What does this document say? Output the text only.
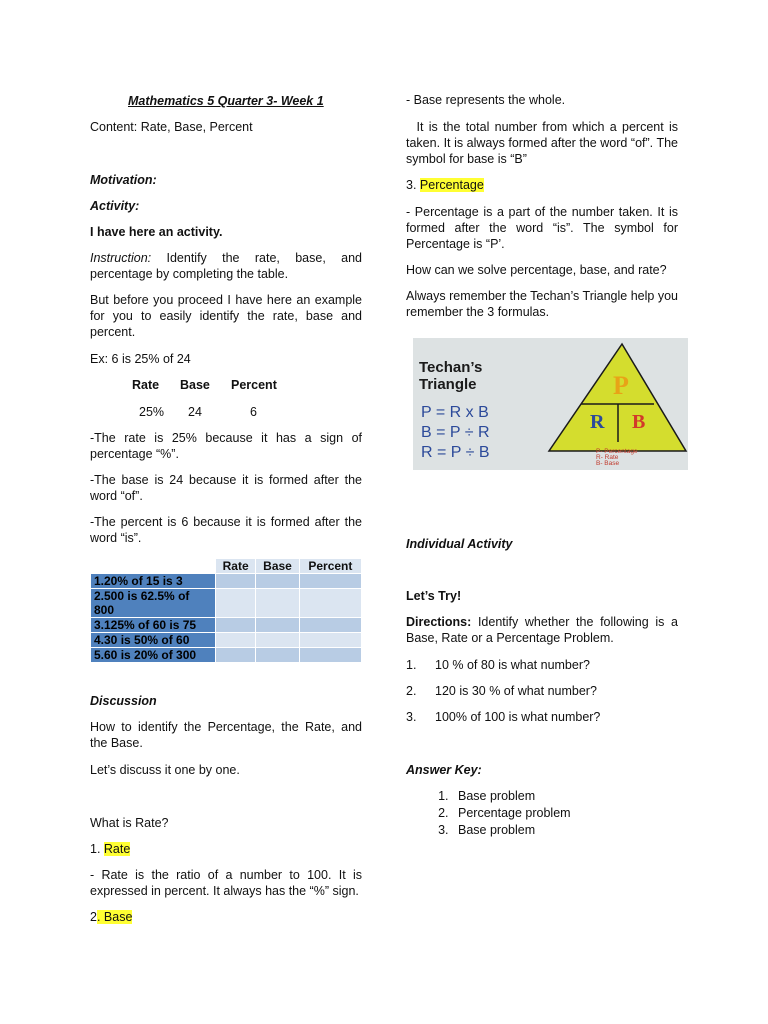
Mathematics 5 Quarter 3- Week 1
Content: Rate, Base, Percent
Motivation:
Activity:
I have here an activity.
Instruction: Identify the rate, base, and percentage by completing the table.
But before you proceed I have here an example for you to easily identify the rate, base and percent.
Ex: 6 is 25% of 24
Rate Base Percent
25% 24	6
-The rate is 25% because it has a sign of percentage “%”.
-The base is 24 because it is formed after the word “of”.
-The percent is 6 because it is formed after the word “is”.
	Rate	Base	Percent
1.20% of 15 is 3			
2.500 is 62.5% of 800			
3.125% of 60 is 75			
4.30 is 50% of 60			
5.60 is 20% of 300			
Discussion
How to identify the Percentage, the Rate, and the Base.
Let’s discuss it one by one.
What is Rate?
1. Rate
- Rate is the ratio of a number to 100. It is expressed in percent. It always has the “%” sign.
2. Base
- Base represents the whole.
It is the total number from which a percent is taken. It is always formed after the word “of”. The symbol for base is “B”
3. Percentage
- Percentage is a part of the number taken. It is formed after the word “is”. The symbol for Percentage is “P’.
How can we solve percentage, base, and rate?
Always remember the Techan’s Triangle help you remember the 3 formulas.
Techan’s
Triangle
P = R x B
B = P ÷ R
R = P ÷ B
P
R B
P- Percentage
R- Rate
B- Base
Individual Activity
Let’s Try!
Directions: Identify whether the following is a Base, Rate or a Percentage Problem.
1. 10 % of 80 is what number?
2. 120 is 30 % of what number?
3. 100% of 100 is what number?
Answer Key:
1. Base problem
2. Percentage problem
3. Base problem
